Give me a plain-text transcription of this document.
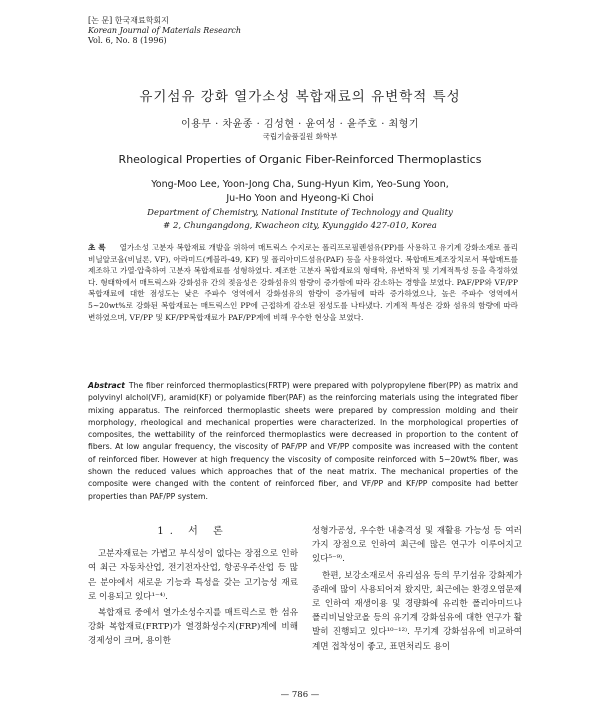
[논 문] 한국재료학회지
Korean Journal of Materials Research
Vol. 6, No. 8 (1996)
유기섬유 강화 열가소성 복합재료의 유변학적 특성
이용무 · 차윤종 · 김성현 · 윤여성 · 윤주호 · 최형기
국립기술품질원 화학부
Rheological Properties of Organic Fiber-Reinforced Thermoplastics
Yong-Moo Lee, Yoon-Jong Cha, Sung-Hyun Kim, Yeo-Sung Yoon,
Ju-Ho Yoon and Hyeong-Ki Choi
Department of Chemistry, National Institute of Technology and Quality
# 2, Chungangdong, Kwacheon city, Kyunggido 427-010, Korea
초 록 열가소성 고분자 복합재료 개발을 위하여 매트릭스 수지로는 폴리프로필렌섬유(PP)를 사용하고 유기계 강화소재로 폴리비닐알코올(비닐론, VF), 아라미드(케블라-49, KF) 및 폴리아미드섬유(PAF) 등을 사용하였다. 복합매트제조장치로서 복합매트를 제조하고 가열·압축하여 고분자 복합재료를 성형하였다. 제조한 고분자 복합재료의 형태학, 유변학적 및 기계적특성 등을 측정하였다. 형태학에서 매트릭스와 강화섬유 간의 젖음성은 강화섬유의 함량이 증가함에 따라 감소하는 경향을 보였다. PAF/PP와 VF/PP 복합재료에 대한 점성도는 낮은 주파수 영역에서 강화섬유의 함량이 증가됨에 따라 증가하였으나, 높은 주파수 영역에서 5∼20wt%로 강화된 복합재료는 매트릭스인 PP에 근접하게 감소된 점성도를 나타냈다. 기계적 특성은 강화 섬유의 함량에 따라 변하였으며, VF/PP 및 KF/PP복합재료가 PAF/PP계에 비해 우수한 현상을 보였다.
Abstract The fiber reinforced thermoplastics(FRTP) were prepared with polypropylene fiber(PP) as matrix and polyvinyl alchol(VF), aramid(KF) or polyamide fiber(PAF) as the reinforcing materials using the integrated fiber mixing apparatus. The reinforced thermoplastic sheets were prepared by compression molding and their morphology, rheological and mechanical properties were characterized. In the morphological properties of composites, the wettability of the reinforced thermoplastics were decreased in proportion to the content of fibers. At low angular frequency, the viscosity of PAF/PP and VF/PP composite was increased with the content of reinforced fiber. However at high frequency the viscosity of composite reinforced with 5∼20wt% fiber, was shown the reduced values which approaches that of the neat matrix. The mechanical properties of the composite were changed with the content of reinforced fiber, and VF/PP and KF/PP composite had better properties than PAF/PP system.
1. 서 론

고분자재료는 가볍고 부식성이 없다는 장점으로 인하여 최근 자동차산업, 전기전자산업, 항공우주산업 등 많은 분야에서 새로운 기능과 특성을 갖는 고기능성 재료로 이용되고 있다¹⁻⁴⁾.

복합재료 중에서 열가소성수지를 매트릭스로 한 섬유강화 복합재료(FRTP)가 열경화성수지(FRP)계에 비해 경제성이 크며, 용이한

성형가공성, 우수한 내충격성 및 재활용 가능성 등 여러가지 장점으로 인하여 최근에 많은 연구가 이루어지고 있다⁵⁻⁹⁾.

한편, 보강소재로서 유리섬유 등의 무기섬유 강화제가 종래에 많이 사용되어져 왔지만, 최근에는 환경오염문제로 인하여 재생이용 및 경량화에 유리한 폴리아미드나 폴리비닐알코올 등의 유기계 강화섬유에 대한 연구가 활발히 진행되고 있다¹⁰⁻¹²⁾. 무기계 강화섬유에 비교하여 계면 접착성이 좋고, 표면처리도 용이

— 786 —
